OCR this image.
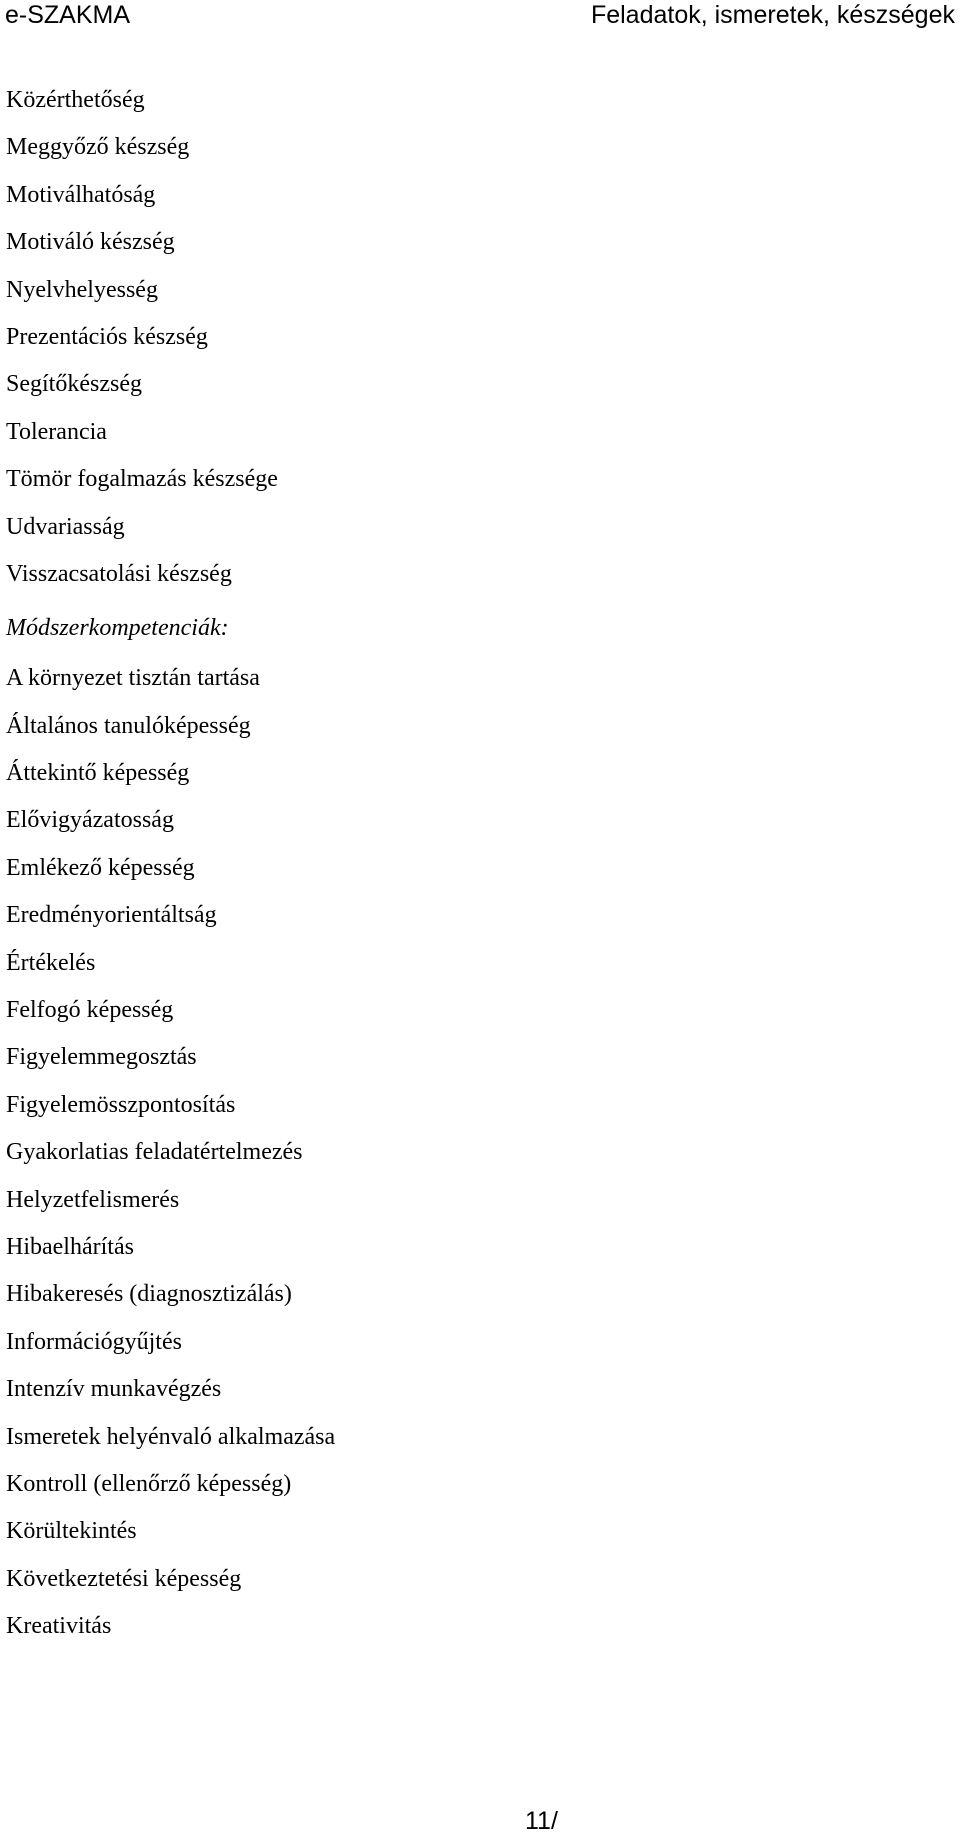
e-SZAKMA	Feladatok, ismeretek, készségek
Közérthetőség
Meggyőző készség
Motiválhatóság
Motiváló készség
Nyelvhelyesség
Prezentációs készség
Segítőkészség
Tolerancia
Tömör fogalmazás készsége
Udvariasság
Visszacsatolási készség
Módszerkompetenciák:
A környezet tisztán tartása
Általános tanulóképesség
Áttekintő képesség
Elővigyázatosság
Emlékező képesség
Eredményorientáltság
Értékelés
Felfogó képesség
Figyelemmegosztás
Figyelemösszpontosítás
Gyakorlatias feladatértelmezés
Helyzetfelismerés
Hibaelhárítás
Hibakeresés (diagnosztizálás)
Információgyűjtés
Intenzív munkavégzés
Ismeretek helyénvaló alkalmazása
Kontroll (ellenőrző képesség)
Körültekintés
Következtetési képesség
Kreativitás
11/
